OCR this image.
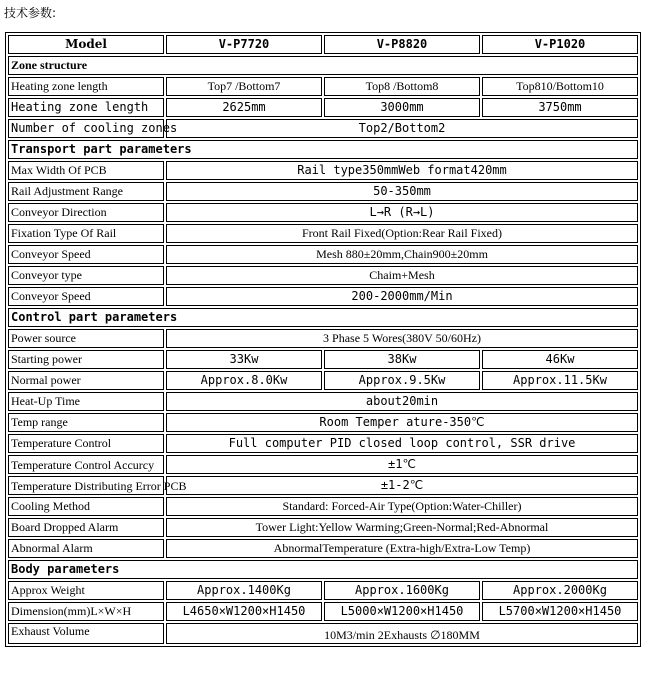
技术参数:
Model	V-P7720	V-P8820	V-P1020
Zone structure			
Heating zone length	Top7 /Bottom7	Top8 /Bottom8	Top810/Bottom10
Heating zone length	2625mm	3000mm	3750mm
Number of cooling zones	Top2/Bottom2		
Transport part parameters			
Max Width Of PCB	Rail type350mmWeb format420mm		
Rail Adjustment Range	50-350mm		
Conveyor Direction	L→R (R→L)		
Fixation Type Of Rail	Front Rail Fixed(Option:Rear Rail Fixed)		
Conveyor Speed	Mesh 880±20mm,Chain900±20mm		
Conveyor type	Chaim+Mesh		
Conveyor Speed	200-2000mm/Min		
Control part parameters			
Power source	3 Phase 5 Wores(380V 50/60Hz)		
Starting power	33Kw	38Kw	46Kw
Normal power	Approx.8.0Kw	Approx.9.5Kw	Approx.11.5Kw
Heat-Up Time	about20min		
Temp range	Room Temper ature-350℃		
Temperature Control	Full computer PID closed loop control, SSR drive		
Temperature Control Accurcy	±1℃		
Temperature Distributing Error PCB	±1-2℃		
Cooling Method	Standard: Forced-Air Type(Option:Water-Chiller)		
Board Dropped Alarm	Tower Light:Yellow Warming;Green-Normal;Red-Abnormal		
Abnormal Alarm	AbnormalTemperature (Extra-high/Extra-Low Temp)		
Body parameters			
Approx Weight	Approx.1400Kg	Approx.1600Kg	Approx.2000Kg
Dimension(mm)L×W×H	L4650×W1200×H1450	L5000×W1200×H1450	L5700×W1200×H1450
Exhaust Volume	10M3/min 2Exhausts ∅180MM		
